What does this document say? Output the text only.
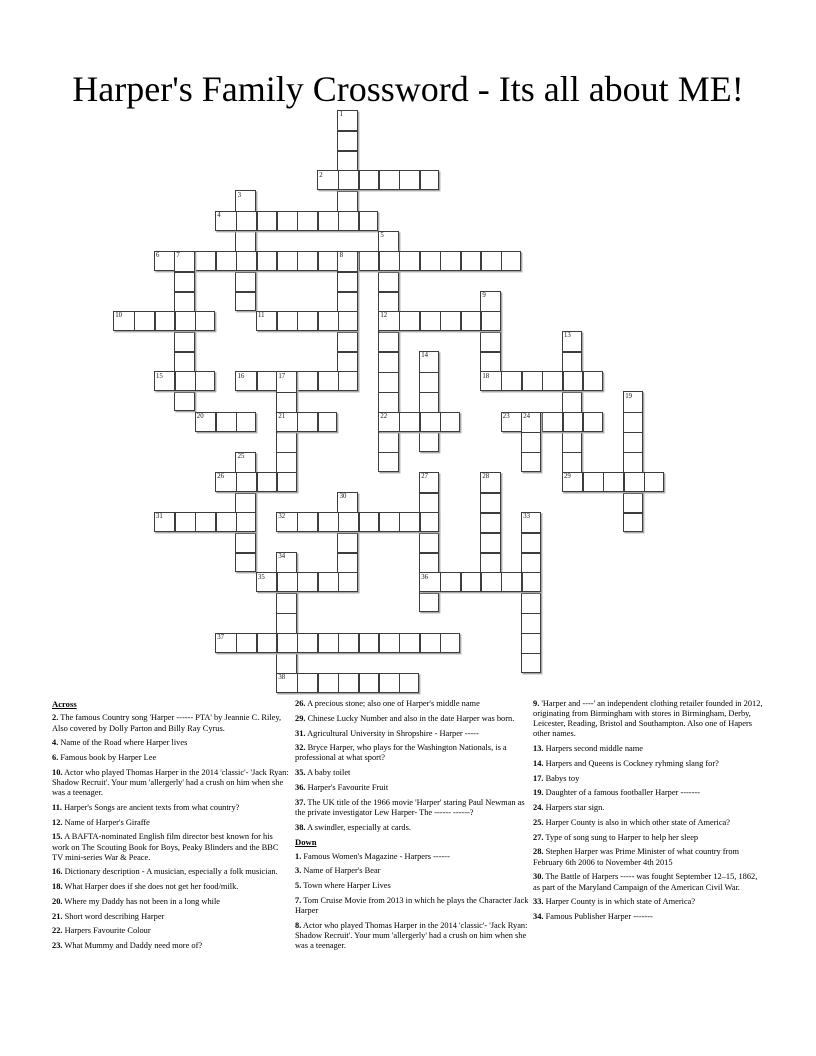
Harper's Family Crossword - Its all about ME!
1
2
3
4
5
6 7	8
9
10	11	12
13
14
15	16	17	18
19
20	21	22	23 24
25
26	27	28	29
30
31	32	33
34
35	36
37
38

Across

2. The famous Country song 'Harper ------ PTA' by Jeannie C. Riley, Also covered by Dolly Parton and Billy Ray Cyrus.

4. Name of the Road where Harper lives

6. Famous book by Harper Lee

10. Actor who played Thomas Harper in the 2014 'classic'- 'Jack Ryan: Shadow Recruit'. Your mum 'allergerly' had a crush on him when she was a teenager.

11. Harper's Songs are ancient texts from what country?

12. Name of Harper's Giraffe

15. A BAFTA-nominated English film director best known for his work on The Scouting Book for Boys, Peaky Blinders and the BBC TV mini-series War & Peace.

16. Dictionary description - A musician, especially a folk musician.

18. What Harper does if she does not get her food/milk.

20. Where my Daddy has not been in a long while

21. Short word describing Harper

22. Harpers Favourite Colour

23. What Mummy and Daddy need more of?

26. A precious stone; also one of Harper's middle name

29. Chinese Lucky Number and also in the date Harper was born.

31. Agricultural University in Shropshire - Harper -----

32. Bryce Harper, who plays for the Washington Nationals, is a professional at what sport?

35. A baby toilet

36. Harper's Favourite Fruit

37. The UK title of the 1966 movie 'Harper' staring Paul Newman as the private investigator Lew Harper- The ------ ------?

38. A swindler, especially at cards.

Down

1. Famous Women's Magazine - Harpers ------

3. Name of Harper's Bear

5. Town where Harper Lives

7. Tom Cruise Movie from 2013 in which he plays the Character Jack Harper

8. Actor who played Thomas Harper in the 2014 'classic'- 'Jack Ryan: Shadow Recruit'. Your mum 'allergerly' had a crush on him when she was a teenager.

9. 'Harper and ----' an independent clothing retailer founded in 2012, originating from Birmingham with stores in Birmingham, Derby, Leicester, Reading, Bristol and Southampton. Also one of Hapers other names.

13. Harpers second middle name

14. Harpers and Queens is Cockney ryhming slang for?

17. Babys toy

19. Daughter of a famous footballer Harper -------

24. Harpers star sign.

25. Harper County is also in which other state of America?

27. Type of song sung to Harper to help her sleep

28. Stephen Harper was Prime Minister of what country from February 6th 2006 to November 4th 2015

30. The Battle of Harpers ----- was fought September 12–15, 1862, as part of the Maryland Campaign of the American Civil War.

33. Harper County is in which state of America?

34. Famous Publisher Harper -------
